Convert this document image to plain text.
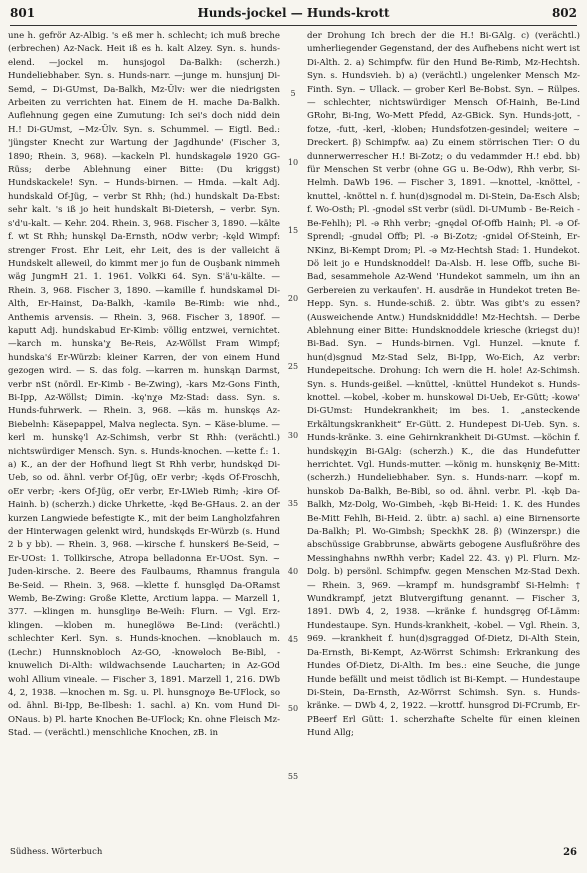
801	Hunds-jockel — Hunds-krott	802

une h. gefrör Az-Albig. 's eß mer h. schlecht; ich muß breche (erbrechen) Az-Nack. Heit iß es h. kalt Alzey. Syn. s. hunds-elend. —jockel m. hunsjogol Da-Balkh: (scherzh.) Hundeliebhaber. Syn. s. Hunds-narr. —junge m. hunsjunj Di-Semd, ~ Di-GUmst, Da-Balkh, Mz-Ülv: wer die niedrigsten Arbeiten zu verrichten hat. Einem de H. mache Da-Balkh. Auflehnung gegen eine Zumutung: Ich sei's doch nidd dein H.! Di-GUmst, ~Mz-Ülv. Syn. s. Schummel. — Eigtl. Bed.: 'jüngster Knecht zur Wartung der Jagdhunde' (Fischer 3, 1890; Rhein. 3, 968). —kackeln Pl. hundskagəlø 1920 GG-Rüss; derbe Ablehnung einer Bitte: (Du kriggst) Hundskackele! Syn. ~ Hunds-birnen. — Hmda. —kalt Adj. hundskald Of-Jüg, ~ verbr St Rhh; (hd.) hundskalt Da-Ebst: sehr kalt. 's iß jo heit hundskalt Bi-Dietersh, ~ verbr. Syn. s'd'u-kalt. — Kehr. 204. Rhein. 3, 968. Fischer 3, 1890. —kälte f. wt St Rhh; hunskęl Da-Ernsth, nOdw verbr; -kęld Wimpf: strenger Frost. Ehr Leit, ehr Leit, des is der valleicht ä Hundskelt alleweil, do kimmt mer jo fun de Ouşbank nimmeh wäg JungmH 21. 1. 1961. VolkKi 64. Syn. S'ä'u-kälte. — Rhein. 3, 968. Fischer 3, 1890. —kamille f. hundskaməl Di-Alth, Er-Hainst, Da-Balkh, -kamilə Be-Rimb: wie nhd., Anthemis arvensis. — Rhein. 3, 968. Fischer 3, 1890f. —kaputt Adj. hundskabud Er-Kimb: völlig entzwei, vernichtet. —karch m. hunska'χ Be-Reis, Az-Wöllst Fram Wimpf; hundska'ś Er-Würzb: kleiner Karren, der von einem Hund gezogen wird. — S. das folg. —karren m. hunskąn Darmst, verbr nSt (nördl. Er-Kimb - Be-Zwing), -kars Mz-Gons Finth, Bi-Ipp, Az-Wöllst; Dimin. -kę'nχə Mz-Stad: dass. Syn. s. Hunds-fuhrwerk. — Rhein. 3, 968. —käs m. hunskęs Az-Biebelnh: Käsepappel, Malva neglecta. Syn. ~ Käse-blume. —kerl m. hunskę'l Az-Schimsh, verbr St Rhh: (verächtl.) nichtswürdiger Mensch. Syn. s. Hunds-knochen. —kette f.: 1. a) K., an der der Hofhund liegt St Rhh verbr, hundskęd Di-Ueb, so od. ähnl. verbr Of-Jüg, oEr verbr; -kęds Of-Froschh, oEr verbr; -kers Of-Jüg, oEr verbr, Er-LWieb Rimh; -kirə Of-Hainh. b) (scherzh.) dicke Uhrkette, -kęd Be-GHaus. 2. an der kurzen Langwiede befestigte K., mit der beim Langholzfahren der Hinterwagen gelenkt wird, hundskęds Er-Würzb (s. Hund 2 b y bb). — Rhein. 3, 968. —kirsche f. hunskerś Be-Seid, ~ Er-UOst: 1. Tollkirsche, Atropa belladonna Er-UOst. Syn. ~ Juden-kirsche. 2. Beere des Faulbaums, Rhamnus frangula Be-Seid. — Rhein. 3, 968. —klette f. hunsględ Da-ORamst Wemb, Be-Zwing: Große Klette, Arctium lappa. — Marzell 1, 377. —klingen m. hunsgliŋə Be-Weih: Flurn. — Vgl. Erz-klingen. —kloben m. huneglöwə Be-Lind: (verächtl.) schlechter Kerl. Syn. s. Hunds-knochen. —knoblauch m. (Lechr.) Hunnsknobloch Az-GO, -knowəloch Be-Bibl, -knuwelich Di-Alth: wildwachsende Laucharten; in Az-GOd wohl Allium vineale. — Fischer 3, 1891. Marzell 1, 216. DWb 4, 2, 1938. —knochen m. Sg. u. Pl. hunsgnoχə Be-UFlock, so od. ähnl. Bi-Ipp, Be-Ilbesh: 1. sachl. a) Kn. vom Hund Di-ONaus. b) Pl. harte Knochen Be-UFlock; Kn. ohne Fleisch Mz-Stad. — (verächtl.) menschliche Knochen, zB. in

5
10
15
20
25
30
35
40
45
50
55

der Drohung Ich brech der die H.! Bi-GAlg. c) (verächtl.) umherliegender Gegenstand, der des Aufhebens nicht wert ist Di-Alth. 2. a) Schimpfw. für den Hund Be-Rimb, Mz-Hechtsh. Syn. s. Hundsvieh. b) a) (verächtl.) ungelenker Mensch Mz-Finth. Syn. ~ Ullack. — grober Kerl Be-Bobst. Syn. ~ Rülpes. — schlechter, nichtswürdiger Mensch Of-Hainh, Be-Lind GRohr, Bi-Ing, Wo-Mett Pfedd, Az-GBick. Syn. Hunds-jott, -fotze, -futt, -kerl, -kloben; Hundsfotzen-gesindel; weitere ~ Dreckert. β) Schimpfw. aa) Zu einem störrischen Tier: O du dunnerwerrescher H.! Bi-Zotz; o du vedammder H.! ebd. bb) für Menschen St verbr (ohne GG u. Be-Odw), Rhh verbr, Si-Helmh. DaWb 196. — Fischer 3, 1891. —knottel, -knöttel, -knuttel, -knöttel n. f. hun(d)sgnodəl m. Di-Stein, Da-Esch Alsb; f. Wo-Osth; Pl. -gnodəl sSt verbr (südl. Di-UMumb - Be-Reich - Be-Fehlh); Pl. -ə Rhh verbr; -gnędəl Of-Offb Hainh; Pl. -ə Of-Sprendl; -gnudəl Offb; Pl. -ə Bi-Zotz; -gnidəl Of-Steinh, Er-NKinz, Bi-Kempt Drom; Pl. -ə Mz-Hechtsh Stad: 1. Hundekot. Dö leit jo e Hundsknoddel! Da-Alsb. H. lese Offb, suche Bi-Bad, sesammehole Az-Wend 'Hundekot sammeln, um ihn an Gerbereien zu verkaufen'. H. ausdräe in Hundekot treten Be-Hepp. Syn. s. Hunde-schiß. 2. übtr. Was gibt's zu essen? (Ausweichende Antw.) Hundsknidddle! Mz-Hechtsh. — Derbe Ablehnung einer Bitte: Hundsknoddele kriesche (kriegst du)! Bi-Bad. Syn. ~ Hunds-birnen. Vgl. Hunzel. —knute f. hun(d)sgnud Mz-Stad Selz, Bi-Ipp, Wo-Eich, Az verbr: Hundepeitsche. Drohung: Ich wern die H. hole! Az-Schimsh. Syn. s. Hunds-geißel. —knüttel, -knüttel Hundekot s. Hunds-knottel. —kobel, -kober m. hunskowəl Di-Ueb, Er-Gütt; -kowə' Di-GUmst: Hundekrankheit; im bes. 1. „ansteckende Erkältungskrankheit“ Er-Gütt. 2. Hundepest Di-Ueb. Syn. s. Hunds-kränke. 3. eine Gehirnkrankheit Di-GUmst. —köchin f. hundskęχin Bi-GAlg: (scherzh.) K., die das Hundefutter herrichtet. Vgl. Hunds-mutter. —könig m. hunskęniχ Be-Mitt: (scherzh.) Hundeliebhaber. Syn. s. Hunds-narr. —kopf m. hunskob Da-Balkh, Be-Bibl, so od. ähnl. verbr. Pl. -kęb Da-Balkh, Mz-Dolg, Wo-Gimbeh, -kęb Bi-Heid: 1. K. des Hundes Be-Mitt Fehlh, Bi-Heid. 2. übtr. a) sachl. a) eine Birnensorte Da-Balkh; Pl. Wo-Gimbsh; SpeckhK 28. β) (Winzerspr.) die abschüssige Grabbrunse, abwärts gebogene Ausflußröhre des Messinghahns nwRhh verbr; Kadel 22. 43. γ) Pl. Flurn. Mz-Dolg. b) persönl. Schimpfw. gegen Menschen Mz-Stad Dexh. — Rhein. 3, 969. —krampf m. hundsgrambf Si-Helmh: † Wundkrampf, jetzt Blutvergiftung genannt. — Fischer 3, 1891. DWb 4, 2, 1938. —kränke f. hundsgręg Of-Lämm: Hundestaupe. Syn. Hunds-krankheit, -kobel. — Vgl. Rhein. 3, 969. —krankheit f. hun(d)sgraggəd Of-Dietz, Di-Alth Stein, Da-Ernsth, Bi-Kempt, Az-Wörrst Schimsh: Erkrankung des Hundes Of-Dietz, Di-Alth. Im bes.: eine Seuche, die junge Hunde befällt und meist tödlich ist Bi-Kempt. — Hundestaupe Di-Stein, Da-Ernsth, Az-Wörrst Schimsh. Syn. s. Hunds-kränke. — DWb 4, 2, 1922. —krottf. hunsgrod Di-FCrumb, Er-PBeerf Erl Gütt: 1. scherzhafte Schelte für einen kleinen Hund Allg;

Südhess. Wörterbuch	26
